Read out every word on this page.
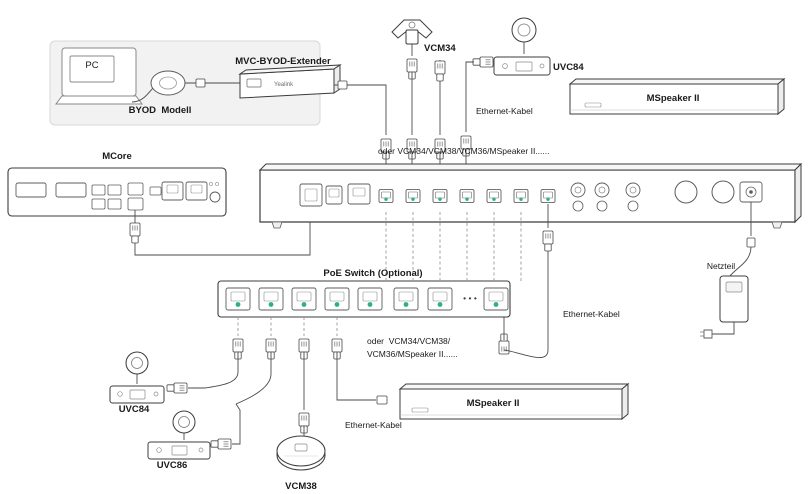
Yealink
BYOD  Modell
PC	MVC-BYOD-Extender
VCM34
UVC84
Ethernet-Kabel
MSpeaker II
oder VCM34/VCM38/VCM36/MSpeaker II......
MCore
PoE Switch (Optional)
Netzteil
Ethernet-Kabel
oder  VCM34/VCM38/
VCM36/MSpeaker II......
UVC84
UVC86
VCM38
Ethernet-Kabel
MSpeaker II
• • •
